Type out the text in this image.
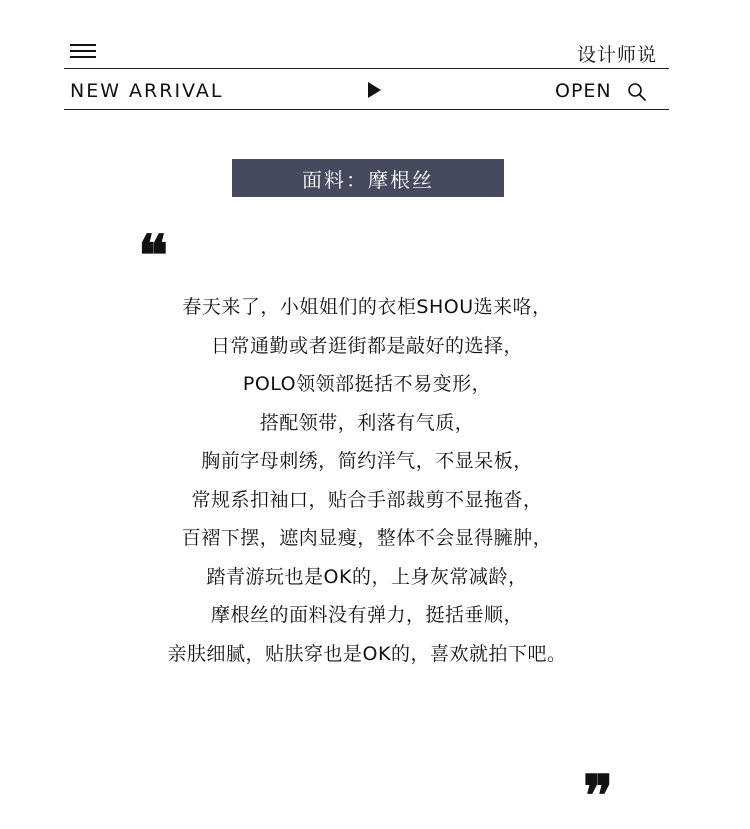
设计师说
NEW ARRIVAL	OPEN
面料：摩根丝
❝
春天来了，小姐姐们的衣柜SHOU选来咯，
日常通勤或者逛街都是敲好的选择，
POLO领领部挺括不易变形，
搭配领带，利落有气质，
胸前字母刺绣，简约洋气，不显呆板，
常规系扣袖口，贴合手部裁剪不显拖沓，
百褶下摆，遮肉显瘦，整体不会显得臃肿，
踏青游玩也是OK的，上身灰常减龄，
摩根丝的面料没有弹力，挺括垂顺，
亲肤细腻，贴肤穿也是OK的，喜欢就拍下吧。
❞
